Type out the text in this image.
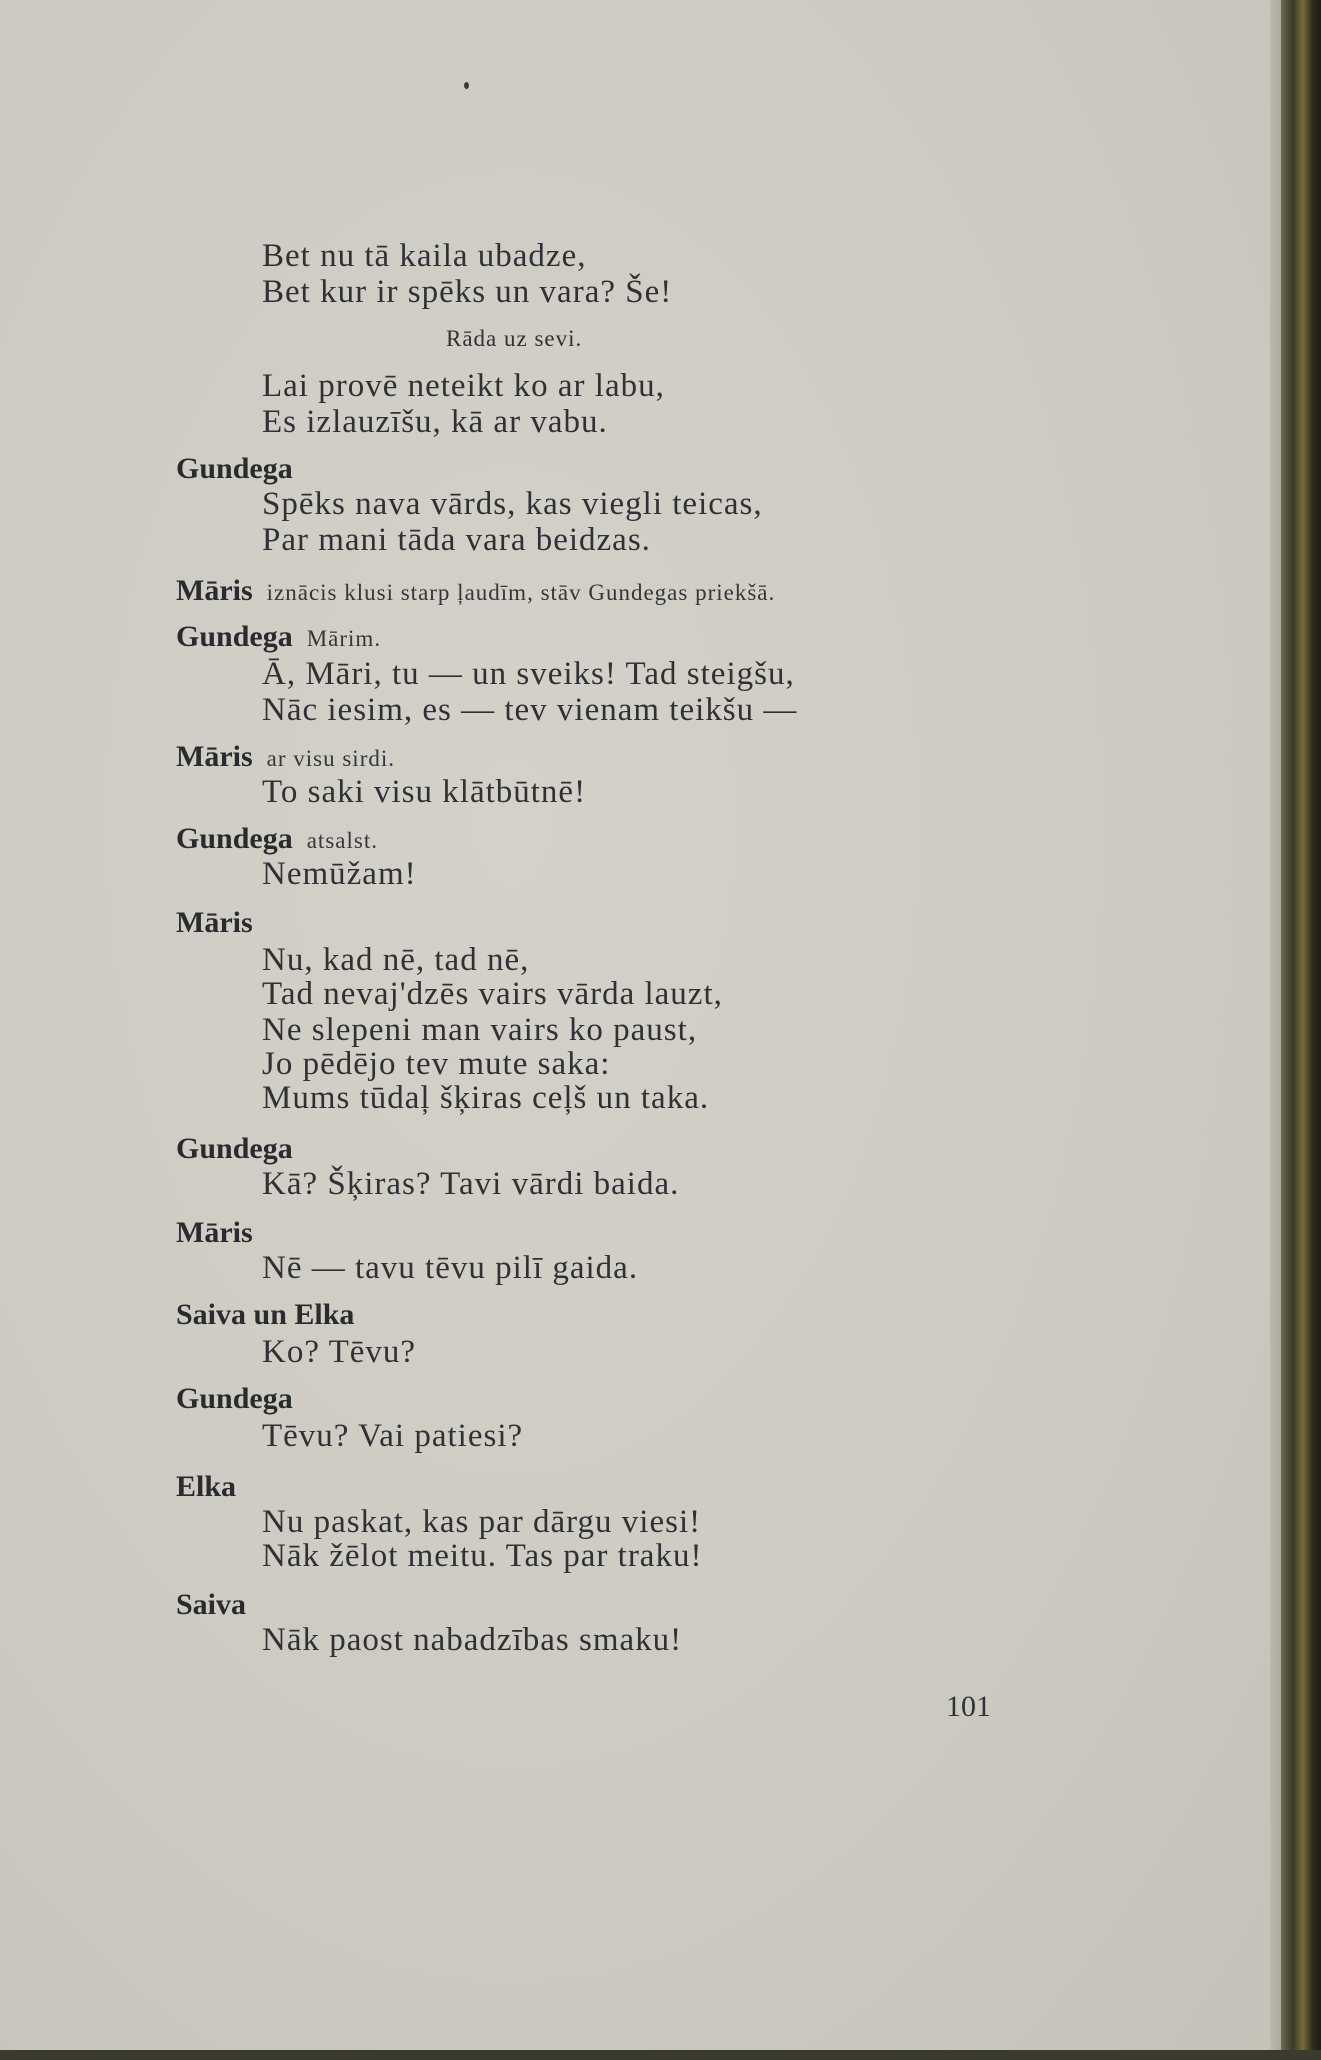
Bet nu tā kaila ubadze,
Bet kur ir spēks un vara? Še!
Rāda uz sevi.
Lai provē neteikt ko ar labu,
Es izlauzīšu, kā ar vabu.
Gundega
Spēks nava vārds, kas viegli teicas,
Par mani tāda vara beidzas.
Māris iznācis klusi starp ļaudīm, stāv Gundegas priekšā.
Gundega Mārim.
Ā, Māri, tu — un sveiks! Tad steigšu,
Nāc iesim, es — tev vienam teikšu —
Māris ar visu sirdi.
To saki visu klātbūtnē!
Gundega atsalst.
Nemūžam!
Māris
Nu, kad nē, tad nē,
Tad nevaj'dzēs vairs vārda lauzt,
Ne slepeni man vairs ko paust,
Jo pēdējo tev mute saka:
Mums tūdaļ šķiras ceļš un taka.
Gundega
Kā? Šķiras? Tavi vārdi baida.
Māris
Nē — tavu tēvu pilī gaida.
Saiva un Elka
Ko? Tēvu?
Gundega
Tēvu? Vai patiesi?
Elka
Nu paskat, kas par dārgu viesi!
Nāk žēlot meitu. Tas par traku!
Saiva
Nāk paost nabadzības smaku!
101
